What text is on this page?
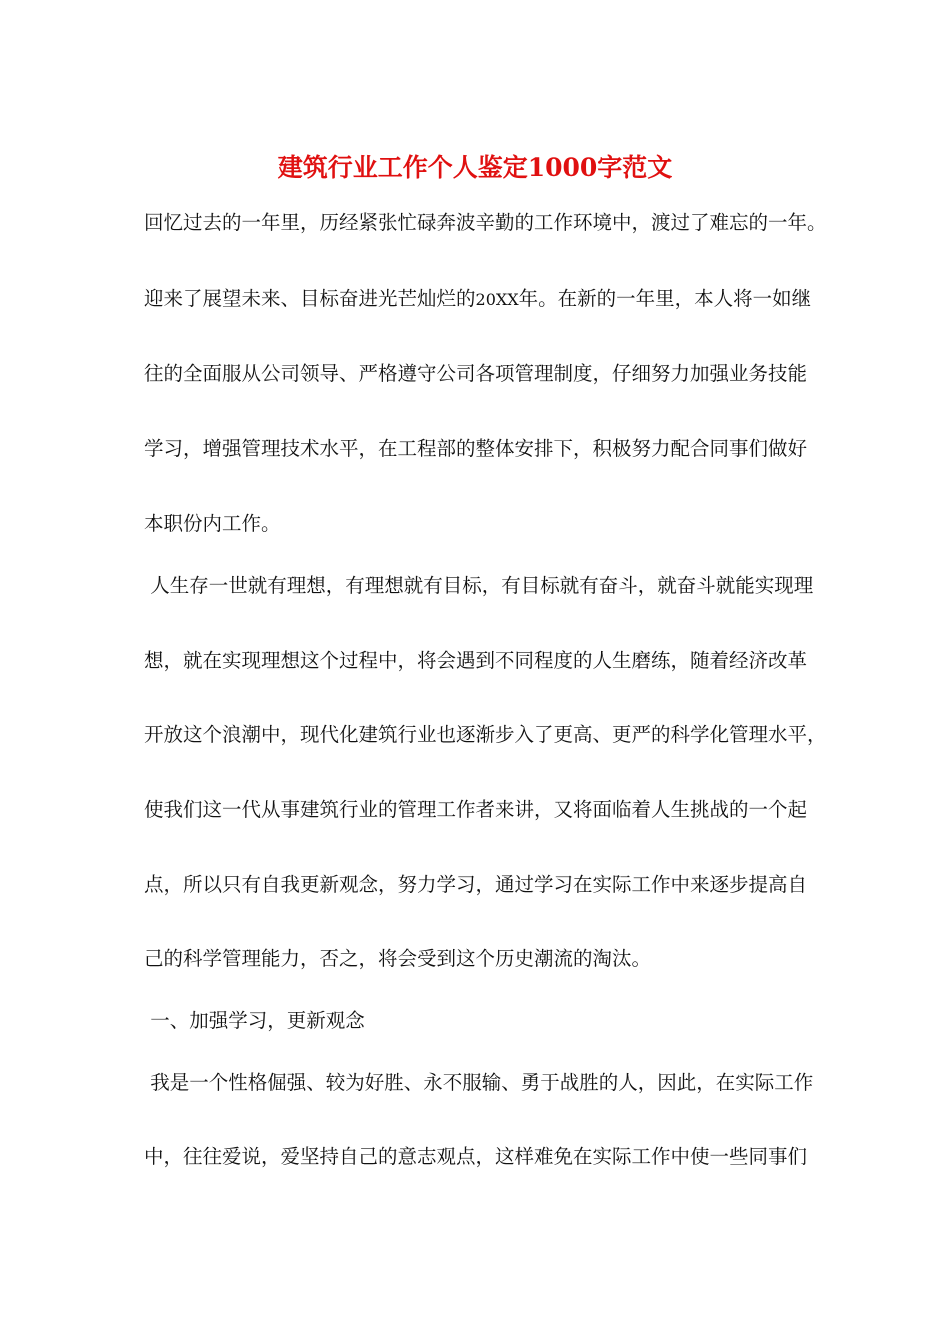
建筑行业工作个人鉴定1000字范文

回忆过去的一年里，历经紧张忙碌奔波辛勤的工作环境中，渡过了难忘的一年。

迎来了展望未来、目标奋进光芒灿烂的20XX年。在新的一年里，本人将一如继

往的全面服从公司领导、严格遵守公司各项管理制度，仔细努力加强业务技能

学习，增强管理技术水平，在工程部的整体安排下，积极努力配合同事们做好

本职份内工作。

人生存一世就有理想，有理想就有目标，有目标就有奋斗，就奋斗就能实现理

想，就在实现理想这个过程中，将会遇到不同程度的人生磨练，随着经济改革

开放这个浪潮中，现代化建筑行业也逐渐步入了更高、更严的科学化管理水平，

使我们这一代从事建筑行业的管理工作者来讲，又将面临着人生挑战的一个起

点，所以只有自我更新观念，努力学习，通过学习在实际工作中来逐步提高自

己的科学管理能力，否之，将会受到这个历史潮流的淘汰。

一、加强学习，更新观念

我是一个性格倔强、较为好胜、永不服输、勇于战胜的人，因此，在实际工作

中，往往爱说，爱坚持自己的意志观点，这样难免在实际工作中使一些同事们
